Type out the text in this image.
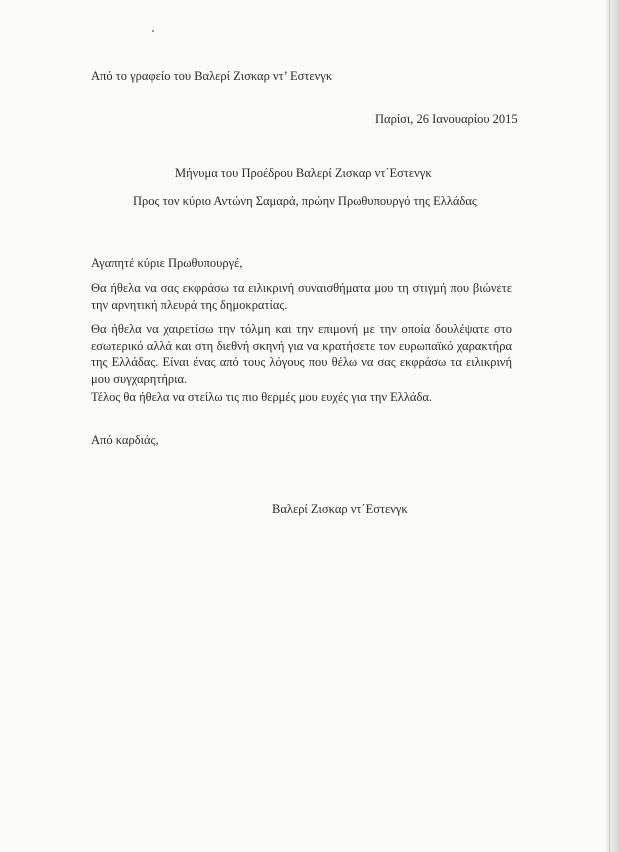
Από το γραφείο του Βαλερί Ζισκαρ ντ’ Εστενγκ
Παρίσι, 26 Ιανουαρίου 2015
Μήνυμα του Προέδρου Βαλερί Ζισκαρ ντ΄Εστενγκ
Προς τον κύριο Αντώνη Σαμαρά, πρώην Πρωθυπουργό της Ελλάδας
Αγαπητέ κύριε Πρωθυπουργέ,
Θα ήθελα να σας εκφράσω τα ειλικρινή συναισθήματα μου τη στιγμή που βιώνετε
την αρνητική πλευρά της δημοκρατίας.
Θα ήθελα να χαιρετίσω την τόλμη και την επιμονή με την οποία δουλέψατε στο
εσωτερικό αλλά και στη διεθνή σκηνή για να κρατήσετε τον ευρωπαϊκό χαρακτήρα
της Ελλάδας. Είναι ένας από τους λόγους που θέλω να σας εκφράσω τα ειλικρινή
μου συγχαρητήρια.
Τέλος θα ήθελα να στείλω τις πιο θερμές μου ευχές για την Ελλάδα.
Από καρδιάς,
Βαλερί Ζισκαρ ντ΄Εστενγκ
